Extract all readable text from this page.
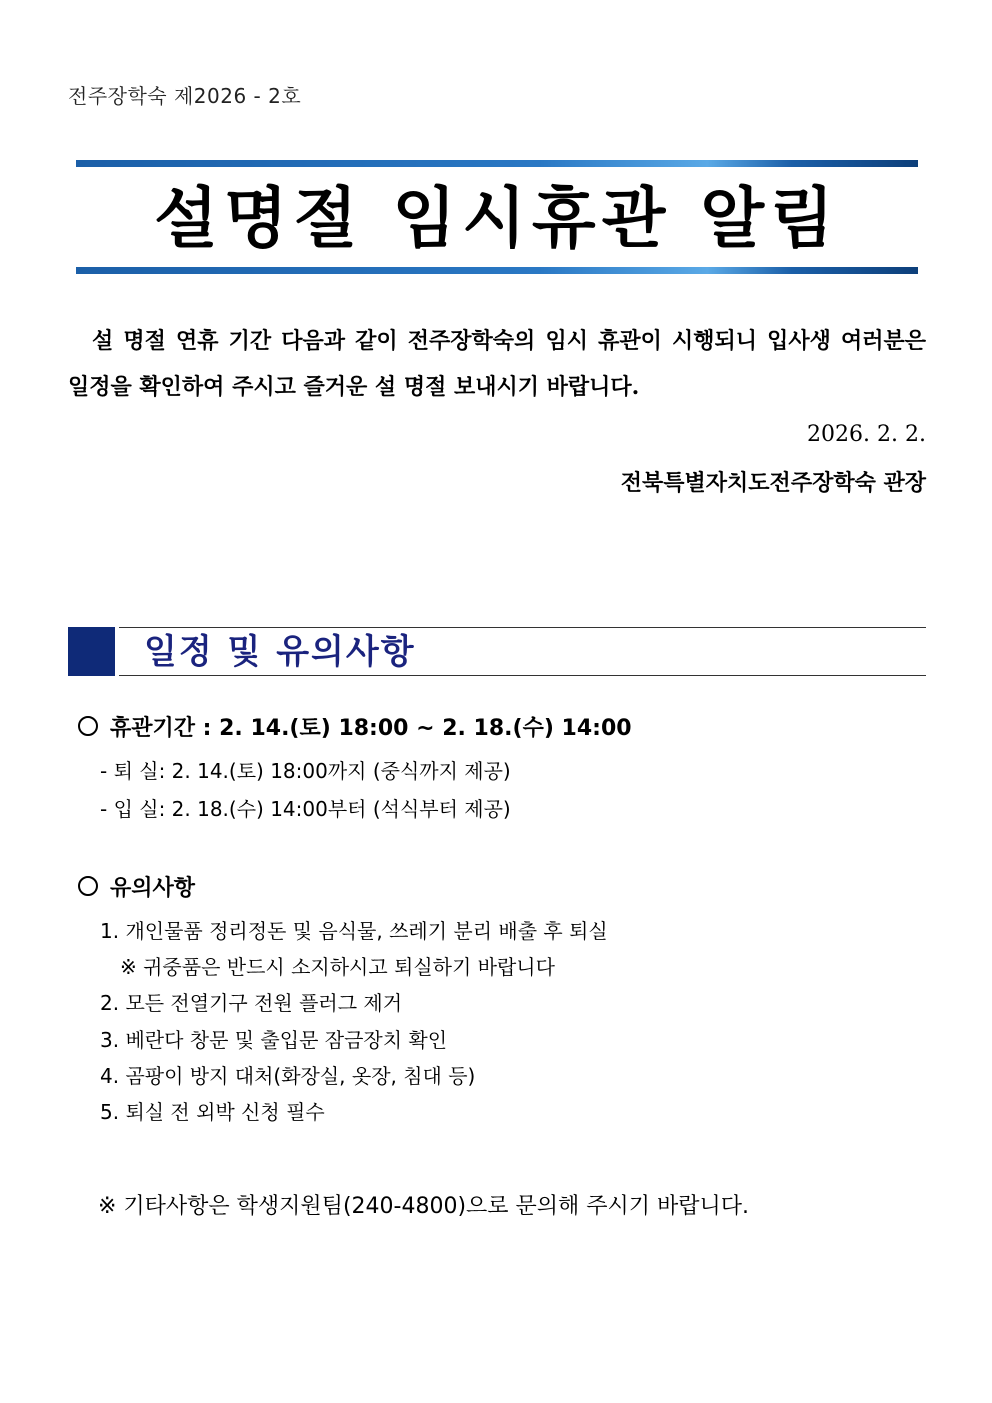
전주장학숙 제2026 - 2호
설명절 임시휴관 알림

설 명절 연휴 기간 다음과 같이 전주장학숙의 임시 휴관이 시행되니 입사생 여러분은 일정을 확인하여 주시고 즐거운 설 명절 보내시기 바랍니다.

2026. 2. 2.
전북특별자치도전주장학숙 관장
일정 및 유의사항
휴관기간 : 2. 14.(토) 18:00 ~ 2. 18.(수) 14:00
- 퇴 실: 2. 14.(토) 18:00까지 (중식까지 제공)
- 입 실: 2. 18.(수) 14:00부터 (석식부터 제공)
유의사항
1. 개인물품 정리정돈 및 음식물, 쓰레기 분리 배출 후 퇴실
※ 귀중품은 반드시 소지하시고 퇴실하기 바랍니다
2. 모든 전열기구 전원 플러그 제거
3. 베란다 창문 및 출입문 잠금장치 확인
4. 곰팡이 방지 대처(화장실, 옷장, 침대 등)
5. 퇴실 전 외박 신청 필수
※ 기타사항은 학생지원팀(240-4800)으로 문의해 주시기 바랍니다.
